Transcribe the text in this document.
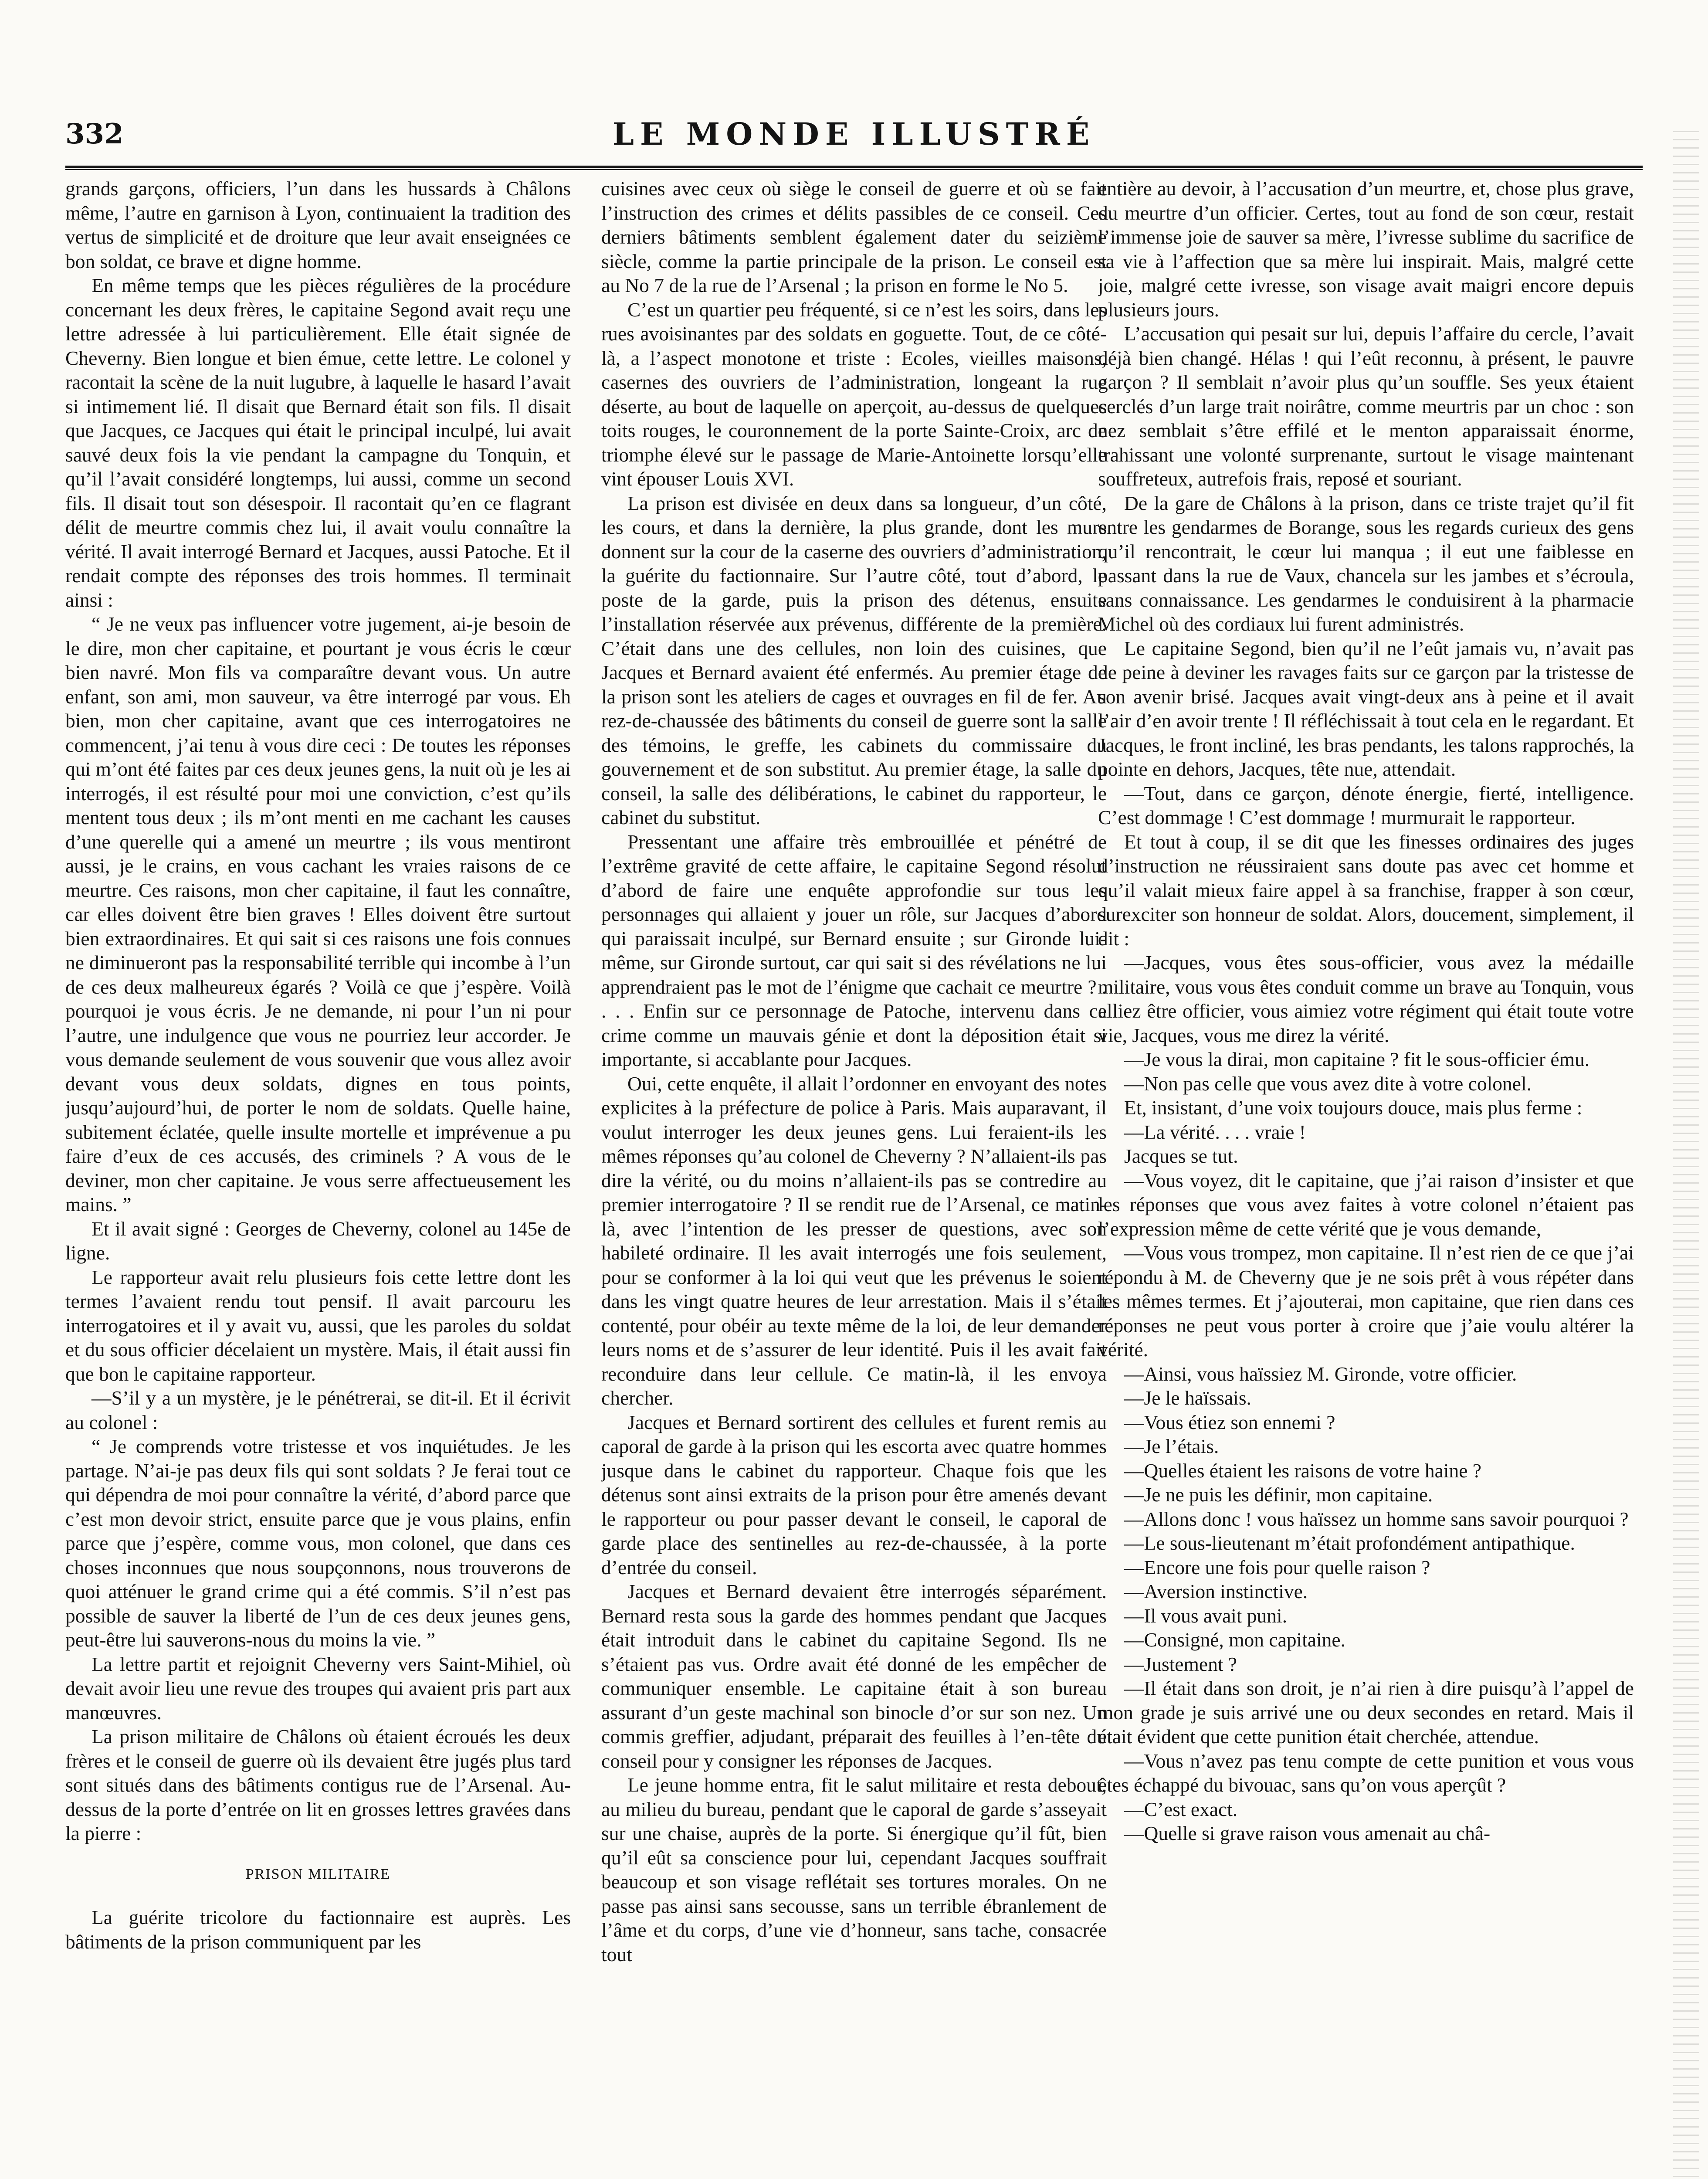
332	LE MONDE ILLUSTRÉ

grands garçons, officiers, l’un dans les hussards à Châlons même, l’autre en garnison à Lyon, continuaient la tradition des vertus de simplicité et de droiture que leur avait enseignées ce bon soldat, ce brave et digne homme.

En même temps que les pièces régulières de la procédure concernant les deux frères, le capitaine Segond avait reçu une lettre adressée à lui particulièrement. Elle était signée de Cheverny. Bien longue et bien émue, cette lettre. Le colonel y racontait la scène de la nuit lugubre, à laquelle le hasard l’avait si intimement lié. Il disait que Bernard était son fils. Il disait que Jacques, ce Jacques qui était le principal inculpé, lui avait sauvé deux fois la vie pendant la campagne du Tonquin, et qu’il l’avait considéré longtemps, lui aussi, comme un second fils. Il disait tout son désespoir. Il racontait qu’en ce flagrant délit de meurtre commis chez lui, il avait voulu connaître la vérité. Il avait interrogé Bernard et Jacques, aussi Patoche. Et il rendait compte des réponses des trois hommes. Il terminait ainsi :

“ Je ne veux pas influencer votre jugement, ai-je besoin de le dire, mon cher capitaine, et pourtant je vous écris le cœur bien navré. Mon fils va comparaître devant vous. Un autre enfant, son ami, mon sauveur, va être interrogé par vous. Eh bien, mon cher capitaine, avant que ces interrogatoires ne commencent, j’ai tenu à vous dire ceci : De toutes les réponses qui m’ont été faites par ces deux jeunes gens, la nuit où je les ai interrogés, il est résulté pour moi une conviction, c’est qu’ils mentent tous deux ; ils m’ont menti en me cachant les causes d’une querelle qui a amené un meurtre ; ils vous mentiront aussi, je le crains, en vous cachant les vraies raisons de ce meurtre. Ces raisons, mon cher capitaine, il faut les connaître, car elles doivent être bien graves ! Elles doivent être surtout bien extraordinaires. Et qui sait si ces raisons une fois connues ne diminueront pas la responsabilité terrible qui incombe à l’un de ces deux malheureux égarés ? Voilà ce que j’espère. Voilà pourquoi je vous écris. Je ne demande, ni pour l’un ni pour l’autre, une indulgence que vous ne pourriez leur accorder. Je vous demande seulement de vous souvenir que vous allez avoir devant vous deux soldats, dignes en tous points, jusqu’aujourd’hui, de porter le nom de soldats. Quelle haine, subitement éclatée, quelle insulte mortelle et imprévenue a pu faire d’eux de ces accusés, des criminels ? A vous de le deviner, mon cher capitaine. Je vous serre affectueusement les mains. ”

Et il avait signé : Georges de Cheverny, colonel au 145e de ligne.

Le rapporteur avait relu plusieurs fois cette lettre dont les termes l’avaient rendu tout pensif. Il avait parcouru les interrogatoires et il y avait vu, aussi, que les paroles du soldat et du sous officier décelaient un mystère. Mais, il était aussi fin que bon le capitaine rapporteur.

—S’il y a un mystère, je le pénétrerai, se dit-il. Et il écrivit au colonel :

“ Je comprends votre tristesse et vos inquiétudes. Je les partage. N’ai-je pas deux fils qui sont soldats ? Je ferai tout ce qui dépendra de moi pour connaître la vérité, d’abord parce que c’est mon devoir strict, ensuite parce que je vous plains, enfin parce que j’espère, comme vous, mon colonel, que dans ces choses inconnues que nous soupçonnons, nous trouverons de quoi atténuer le grand crime qui a été commis. S’il n’est pas possible de sauver la liberté de l’un de ces deux jeunes gens, peut-être lui sauverons-nous du moins la vie. ”

La lettre partit et rejoignit Cheverny vers Saint-Mihiel, où devait avoir lieu une revue des troupes qui avaient pris part aux manœuvres.

La prison militaire de Châlons où étaient écroués les deux frères et le conseil de guerre où ils devaient être jugés plus tard sont situés dans des bâtiments contigus rue de l’Arsenal. Au-dessus de la porte d’entrée on lit en grosses lettres gravées dans la pierre :

PRISON MILITAIRE

La guérite tricolore du factionnaire est auprès. Les bâtiments de la prison communiquent par les

cuisines avec ceux où siège le conseil de guerre et où se fait l’instruction des crimes et délits passibles de ce conseil. Ces derniers bâtiments semblent également dater du seizième siècle, comme la partie principale de la prison. Le conseil est au No 7 de la rue de l’Arsenal ; la prison en forme le No 5.

C’est un quartier peu fréquenté, si ce n’est les soirs, dans les rues avoisinantes par des soldats en goguette. Tout, de ce côté-là, a l’aspect monotone et triste : Ecoles, vieilles maisons, casernes des ouvriers de l’administration, longeant la rue déserte, au bout de laquelle on aperçoit, au-dessus de quelques toits rouges, le couronnement de la porte Sainte-Croix, arc de triomphe élevé sur le passage de Marie-Antoinette lorsqu’elle vint épouser Louis XVI.

La prison est divisée en deux dans sa longueur, d’un côté, les cours, et dans la dernière, la plus grande, dont les murs donnent sur la cour de la caserne des ouvriers d’administration, la guérite du factionnaire. Sur l’autre côté, tout d’abord, le poste de la garde, puis la prison des détenus, ensuite l’installation réservée aux prévenus, différente de la première. C’était dans une des cellules, non loin des cuisines, que Jacques et Bernard avaient été enfermés. Au premier étage de la prison sont les ateliers de cages et ouvrages en fil de fer. Au rez-de-chaussée des bâtiments du conseil de guerre sont la salle des témoins, le greffe, les cabinets du commissaire du gouvernement et de son substitut. Au premier étage, la salle du conseil, la salle des délibérations, le cabinet du rapporteur, le cabinet du substitut.

Pressentant une affaire très embrouillée et pénétré de l’extrême gravité de cette affaire, le capitaine Segond résolut d’abord de faire une enquête approfondie sur tous les personnages qui allaient y jouer un rôle, sur Jacques d’abord qui paraissait inculpé, sur Bernard ensuite ; sur Gironde lui-même, sur Gironde surtout, car qui sait si des révélations ne lui apprendraient pas le mot de l’énigme que cachait ce meurtre ? . . . . Enfin sur ce personnage de Patoche, intervenu dans ce crime comme un mauvais génie et dont la déposition était si importante, si accablante pour Jacques.

Oui, cette enquête, il allait l’ordonner en envoyant des notes explicites à la préfecture de police à Paris. Mais auparavant, il voulut interroger les deux jeunes gens. Lui feraient-ils les mêmes réponses qu’au colonel de Cheverny ? N’allaient-ils pas dire la vérité, ou du moins n’allaient-ils pas se contredire au premier interrogatoire ? Il se rendit rue de l’Arsenal, ce matin-là, avec l’intention de les presser de questions, avec son habileté ordinaire. Il les avait interrogés une fois seulement, pour se conformer à la loi qui veut que les prévenus le soient dans les vingt quatre heures de leur arrestation. Mais il s’était contenté, pour obéir au texte même de la loi, de leur demander leurs noms et de s’assurer de leur identité. Puis il les avait fait reconduire dans leur cellule. Ce matin-là, il les envoya chercher.

Jacques et Bernard sortirent des cellules et furent remis au caporal de garde à la prison qui les escorta avec quatre hommes jusque dans le cabinet du rapporteur. Chaque fois que les détenus sont ainsi extraits de la prison pour être amenés devant le rapporteur ou pour passer devant le conseil, le caporal de garde place des sentinelles au rez-de-chaussée, à la porte d’entrée du conseil.

Jacques et Bernard devaient être interrogés séparément. Bernard resta sous la garde des hommes pendant que Jacques était introduit dans le cabinet du capitaine Segond. Ils ne s’étaient pas vus. Ordre avait été donné de les empêcher de communiquer ensemble. Le capitaine était à son bureau assurant d’un geste machinal son binocle d’or sur son nez. Un commis greffier, adjudant, préparait des feuilles à l’en-tête du conseil pour y consigner les réponses de Jacques.

Le jeune homme entra, fit le salut militaire et resta debout, au milieu du bureau, pendant que le caporal de garde s’asseyait sur une chaise, auprès de la porte. Si énergique qu’il fût, bien qu’il eût sa conscience pour lui, cependant Jacques souffrait beaucoup et son visage reflétait ses tortures morales. On ne passe pas ainsi sans secousse, sans un terrible ébranlement de l’âme et du corps, d’une vie d’honneur, sans tache, consacrée tout

entière au devoir, à l’accusation d’un meurtre, et, chose plus grave, du meurtre d’un officier. Certes, tout au fond de son cœur, restait l’immense joie de sauver sa mère, l’ivresse sublime du sacrifice de sa vie à l’affection que sa mère lui inspirait. Mais, malgré cette joie, malgré cette ivresse, son visage avait maigri encore depuis plusieurs jours.

L’accusation qui pesait sur lui, depuis l’affaire du cercle, l’avait déjà bien changé. Hélas ! qui l’eût reconnu, à présent, le pauvre garçon ? Il semblait n’avoir plus qu’un souffle. Ses yeux étaient cerclés d’un large trait noirâtre, comme meurtris par un choc : son nez semblait s’être effilé et le menton apparaissait énorme, trahissant une volonté surprenante, surtout le visage maintenant souffreteux, autrefois frais, reposé et souriant.

De la gare de Châlons à la prison, dans ce triste trajet qu’il fit entre les gendarmes de Borange, sous les regards curieux des gens qu’il rencontrait, le cœur lui manqua ; il eut une faiblesse en passant dans la rue de Vaux, chancela sur les jambes et s’écroula, sans connaissance. Les gendarmes le conduisirent à la pharmacie Michel où des cordiaux lui furent administrés.

Le capitaine Segond, bien qu’il ne l’eût jamais vu, n’avait pas de peine à deviner les ravages faits sur ce garçon par la tristesse de son avenir brisé. Jacques avait vingt-deux ans à peine et il avait l’air d’en avoir trente ! Il réfléchissait à tout cela en le regardant. Et Jacques, le front incliné, les bras pendants, les talons rapprochés, la pointe en dehors, Jacques, tête nue, attendait.

—Tout, dans ce garçon, dénote énergie, fierté, intelligence. C’est dommage ! C’est dommage ! murmurait le rapporteur.

Et tout à coup, il se dit que les finesses ordinaires des juges d’instruction ne réussiraient sans doute pas avec cet homme et qu’il valait mieux faire appel à sa franchise, frapper à son cœur, surexciter son honneur de soldat. Alors, doucement, simplement, il dit :

—Jacques, vous êtes sous-officier, vous avez la médaille militaire, vous vous êtes conduit comme un brave au Tonquin, vous alliez être officier, vous aimiez votre régiment qui était toute votre vie, Jacques, vous me direz la vérité.

—Je vous la dirai, mon capitaine ? fit le sous-officier ému.

—Non pas celle que vous avez dite à votre colonel.

Et, insistant, d’une voix toujours douce, mais plus ferme :

—La vérité. . . . vraie !

Jacques se tut.

—Vous voyez, dit le capitaine, que j’ai raison d’insister et que les réponses que vous avez faites à votre colonel n’étaient pas l’expression même de cette vérité que je vous demande,

—Vous vous trompez, mon capitaine. Il n’est rien de ce que j’ai répondu à M. de Cheverny que je ne sois prêt à vous répéter dans les mêmes termes. Et j’ajouterai, mon capitaine, que rien dans ces réponses ne peut vous porter à croire que j’aie voulu altérer la vérité.

—Ainsi, vous haïssiez M. Gironde, votre officier.

—Je le haïssais.

—Vous étiez son ennemi ?

—Je l’étais.

—Quelles étaient les raisons de votre haine ?

—Je ne puis les définir, mon capitaine.

—Allons donc ! vous haïssez un homme sans savoir pourquoi ?

—Le sous-lieutenant m’était profondément antipathique.

—Encore une fois pour quelle raison ?

—Aversion instinctive.

—Il vous avait puni.

—Consigné, mon capitaine.

—Justement ?

—Il était dans son droit, je n’ai rien à dire puisqu’à l’appel de mon grade je suis arrivé une ou deux secondes en retard. Mais il était évident que cette punition était cherchée, attendue.

—Vous n’avez pas tenu compte de cette punition et vous vous êtes échappé du bivouac, sans qu’on vous aperçût ?

—C’est exact.

—Quelle si grave raison vous amenait au châ-
